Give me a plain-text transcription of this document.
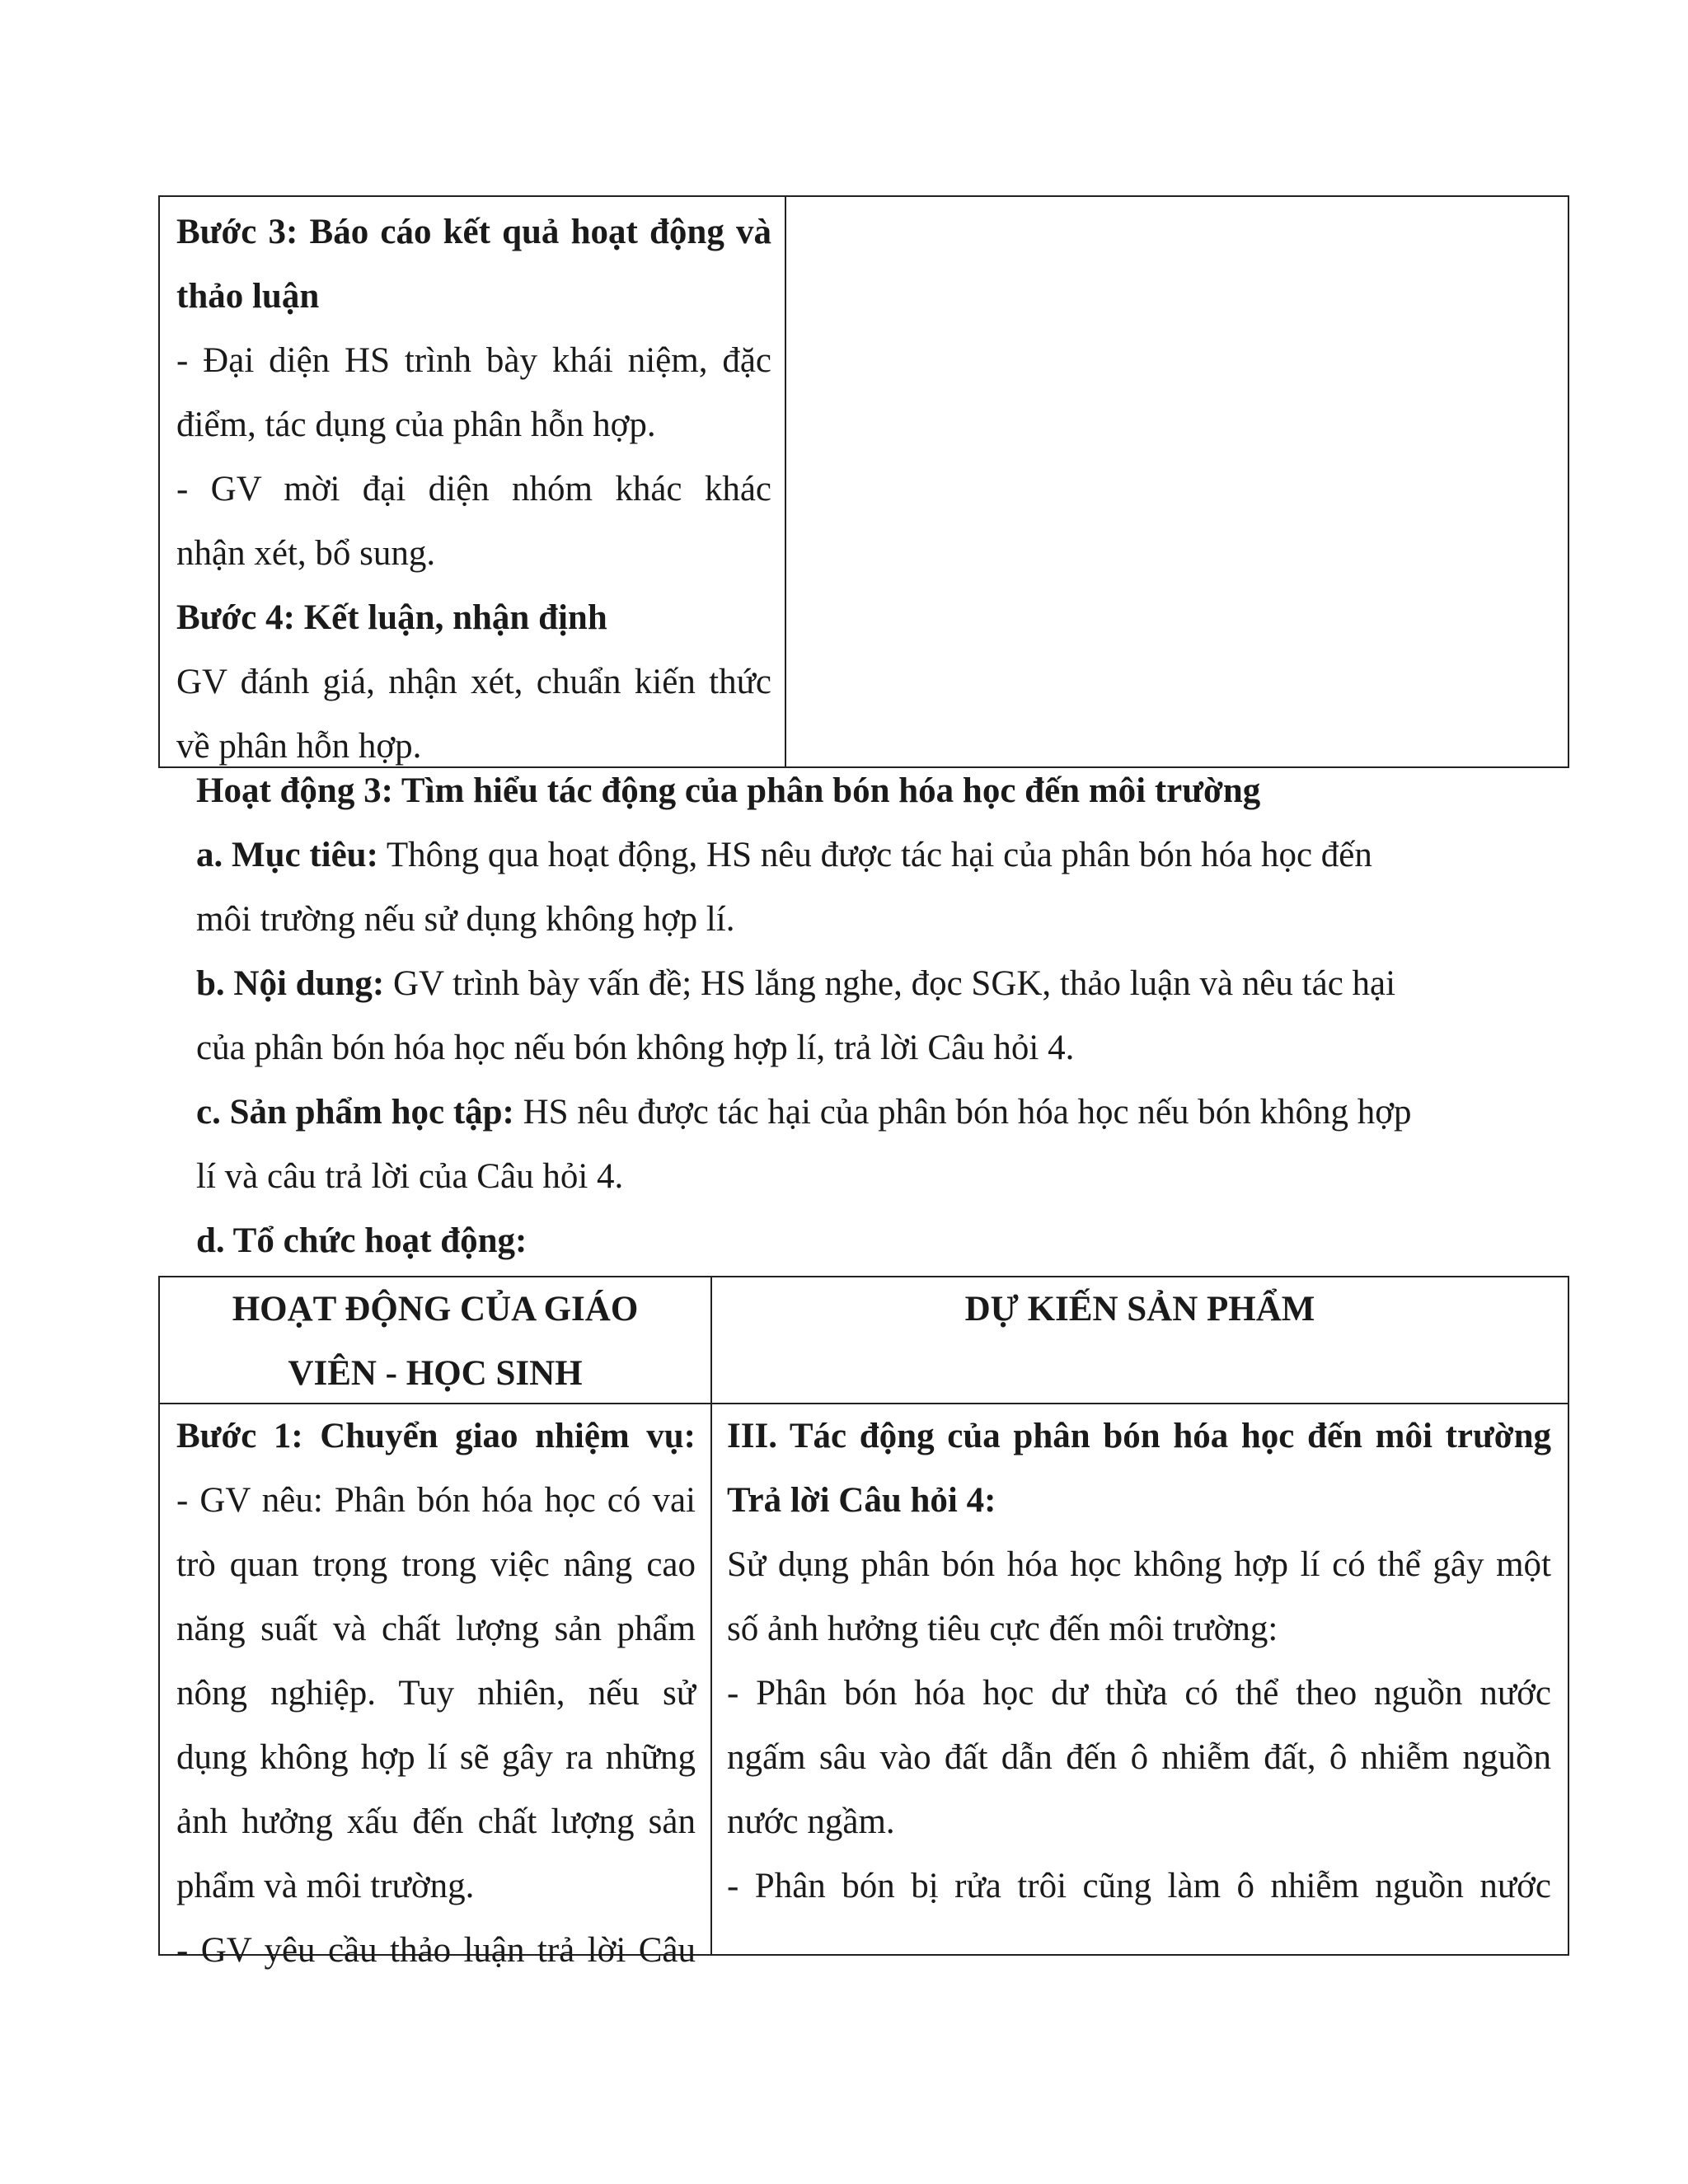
Bước 3: Báo cáo kết quả hoạt động và
thảo luận
- Đại diện HS trình bày khái niệm, đặc
điểm, tác dụng của phân hỗn hợp.
- GV mời đại diện nhóm khác khác
nhận xét, bổ sung.
Bước 4: Kết luận, nhận định
GV đánh giá, nhận xét, chuẩn kiến thức
về phân hỗn hợp.
Hoạt động 3: Tìm hiểu tác động của phân bón hóa học đến môi trường
a. Mục tiêu: Thông qua hoạt động, HS nêu được tác hại của phân bón hóa học đến
môi trường nếu sử dụng không hợp lí.
b. Nội dung: GV trình bày vấn đề; HS lắng nghe, đọc SGK, thảo luận và nêu tác hại
của phân bón hóa học nếu bón không hợp lí, trả lời Câu hỏi 4.
c. Sản phẩm học tập: HS nêu được tác hại của phân bón hóa học nếu bón không hợp
lí và câu trả lời của Câu hỏi 4.
d. Tổ chức hoạt động:
HOẠT ĐỘNG CỦA GIÁO
VIÊN - HỌC SINH
DỰ KIẾN SẢN PHẨM
Bước 1: Chuyển giao nhiệm vụ:
- GV nêu: Phân bón hóa học có vai
trò quan trọng trong việc nâng cao
năng suất và chất lượng sản phẩm
nông nghiệp. Tuy nhiên, nếu sử
dụng không hợp lí sẽ gây ra những
ảnh hưởng xấu đến chất lượng sản
phẩm và môi trường.
- GV yêu cầu thảo luận trả lời Câu
III. Tác động của phân bón hóa học đến môi trường
Trả lời Câu hỏi 4:
Sử dụng phân bón hóa học không hợp lí có thể gây một
số ảnh hưởng tiêu cực đến môi trường:
- Phân bón hóa học dư thừa có thể theo nguồn nước
ngấm sâu vào đất dẫn đến ô nhiễm đất, ô nhiễm nguồn
nước ngầm.
- Phân bón bị rửa trôi cũng làm ô nhiễm nguồn nước
